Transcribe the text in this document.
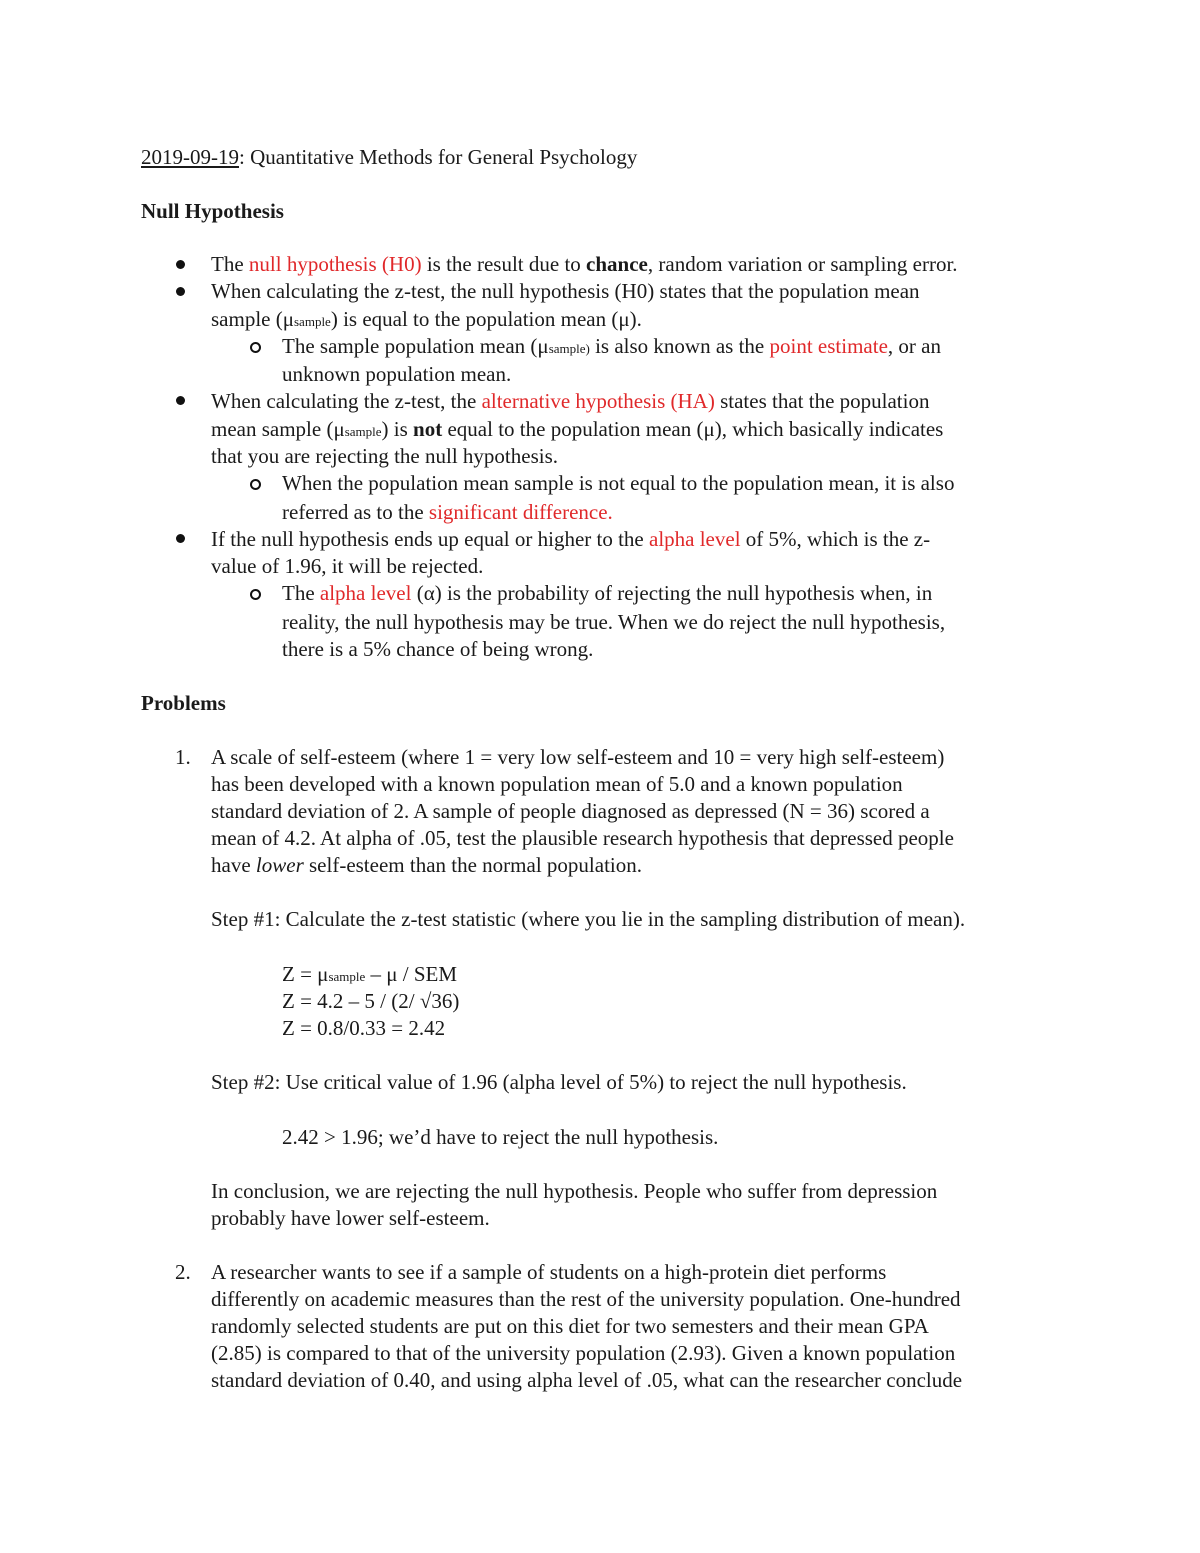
2019-09-19: Quantitative Methods for General Psychology
Null Hypothesis
The null hypothesis (H0) is the result due to chance, random variation or sampling error.
When calculating the z-test, the null hypothesis (H0) states that the population mean
sample (μsample) is equal to the population mean (μ).
The sample population mean (μsample) is also known as the point estimate, or an
unknown population mean.
When calculating the z-test, the alternative hypothesis (HA) states that the population
mean sample (μsample) is not equal to the population mean (μ), which basically indicates
that you are rejecting the null hypothesis.
When the population mean sample is not equal to the population mean, it is also
referred as to the significant difference.
If the null hypothesis ends up equal or higher to the alpha level of 5%, which is the z-
value of 1.96, it will be rejected.
The alpha level (α) is the probability of rejecting the null hypothesis when, in
reality, the null hypothesis may be true. When we do reject the null hypothesis,
there is a 5% chance of being wrong.
Problems
1. A scale of self-esteem (where 1 = very low self-esteem and 10 = very high self-esteem)
has been developed with a known population mean of 5.0 and a known population
standard deviation of 2. A sample of people diagnosed as depressed (N = 36) scored a
mean of 4.2. At alpha of .05, test the plausible research hypothesis that depressed people
have lower self-esteem than the normal population.
Step #1: Calculate the z-test statistic (where you lie in the sampling distribution of mean).
Z = μsample – μ / SEM
Z = 4.2 – 5 / (2/ √36)
Z = 0.8/0.33 = 2.42
Step #2: Use critical value of 1.96 (alpha level of 5%) to reject the null hypothesis.
2.42 > 1.96; we’d have to reject the null hypothesis.
In conclusion, we are rejecting the null hypothesis. People who suffer from depression
probably have lower self-esteem.
2. A researcher wants to see if a sample of students on a high-protein diet performs
differently on academic measures than the rest of the university population. One-hundred
randomly selected students are put on this diet for two semesters and their mean GPA
(2.85) is compared to that of the university population (2.93). Given a known population
standard deviation of 0.40, and using alpha level of .05, what can the researcher conclude
